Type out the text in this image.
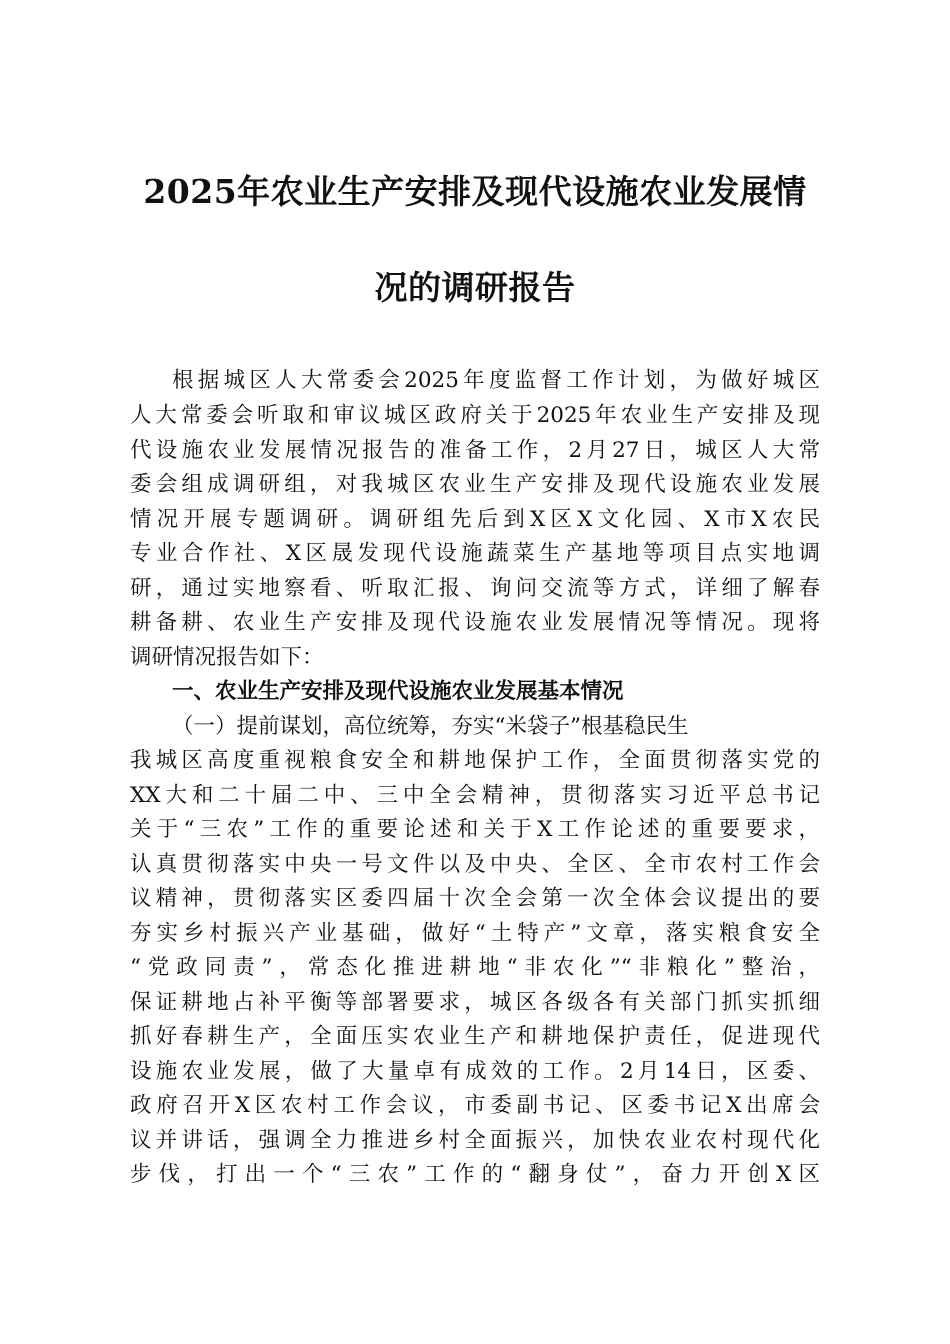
2025年农业生产安排及现代设施农业发展情
况的调研报告
根据城区人大常委会2025年度监督工作计划，为做好城区
人大常委会听取和审议城区政府关于2025年农业生产安排及现
代设施农业发展情况报告的准备工作，2月27日，城区人大常
委会组成调研组，对我城区农业生产安排及现代设施农业发展
情况开展专题调研。调研组先后到X区X文化园、X市X农民
专业合作社、X区晟发现代设施蔬菜生产基地等项目点实地调
研，通过实地察看、听取汇报、询问交流等方式，详细了解春
耕备耕、农业生产安排及现代设施农业发展情况等情况。现将
调研情况报告如下：
一、农业生产安排及现代设施农业发展基本情况
（一）提前谋划，高位统筹，夯实“米袋子”根基稳民生
我城区高度重视粮食安全和耕地保护工作，全面贯彻落实党的
XX大和二十届二中、三中全会精神，贯彻落实习近平总书记
关于“三农”工作的重要论述和关于X工作论述的重要要求，
认真贯彻落实中央一号文件以及中央、全区、全市农村工作会
议精神，贯彻落实区委四届十次全会第一次全体会议提出的要
夯实乡村振兴产业基础，做好“土特产”文章，落实粮食安全
“党政同责”，常态化推进耕地“非农化”“非粮化”整治，
保证耕地占补平衡等部署要求，城区各级各有关部门抓实抓细
抓好春耕生产，全面压实农业生产和耕地保护责任，促进现代
设施农业发展，做了大量卓有成效的工作。2月14日，区委、
政府召开X区农村工作会议，市委副书记、区委书记X出席会
议并讲话，强调全力推进乡村全面振兴，加快农业农村现代化
步伐，打出一个“三农”工作的“翻身仗”，奋力开创X区
